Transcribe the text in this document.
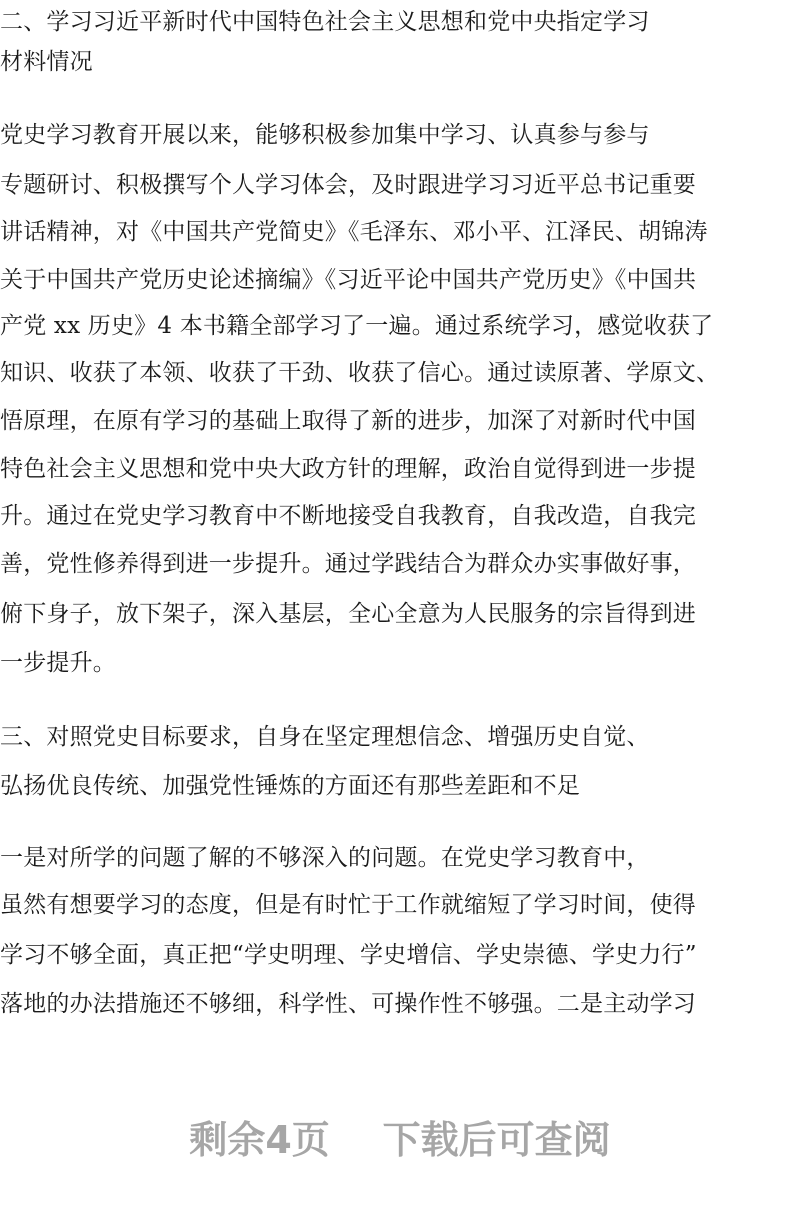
二、学习习近平新时代中国特色社会主义思想和党中央指定学习
材料情况
党史学习教育开展以来，能够积极参加集中学习、认真参与参与
专题研讨、积极撰写个人学习体会，及时跟进学习习近平总书记重要
讲话精神，对《中国共产党简史》《毛泽东、邓小平、江泽民、胡锦涛
关于中国共产党历史论述摘编》《习近平论中国共产党历史》《中国共
产党 xx 历史》4 本书籍全部学习了一遍。通过系统学习，感觉收获了
知识、收获了本领、收获了干劲、收获了信心。通过读原著、学原文、
悟原理，在原有学习的基础上取得了新的进步，加深了对新时代中国
特色社会主义思想和党中央大政方针的理解，政治自觉得到进一步提
升。通过在党史学习教育中不断地接受自我教育，自我改造，自我完
善，党性修养得到进一步提升。通过学践结合为群众办实事做好事，
俯下身子，放下架子，深入基层，全心全意为人民服务的宗旨得到进
一步提升。
三、对照党史目标要求，自身在坚定理想信念、增强历史自觉、
弘扬优良传统、加强党性锤炼的方面还有那些差距和不足
一是对所学的问题了解的不够深入的问题。在党史学习教育中，
虽然有想要学习的态度，但是有时忙于工作就缩短了学习时间，使得
学习不够全面，真正把“学史明理、学史增信、学史崇德、学史力行”
落地的办法措施还不够细，科学性、可操作性不够强。二是主动学习
剩余4页    下载后可查阅
